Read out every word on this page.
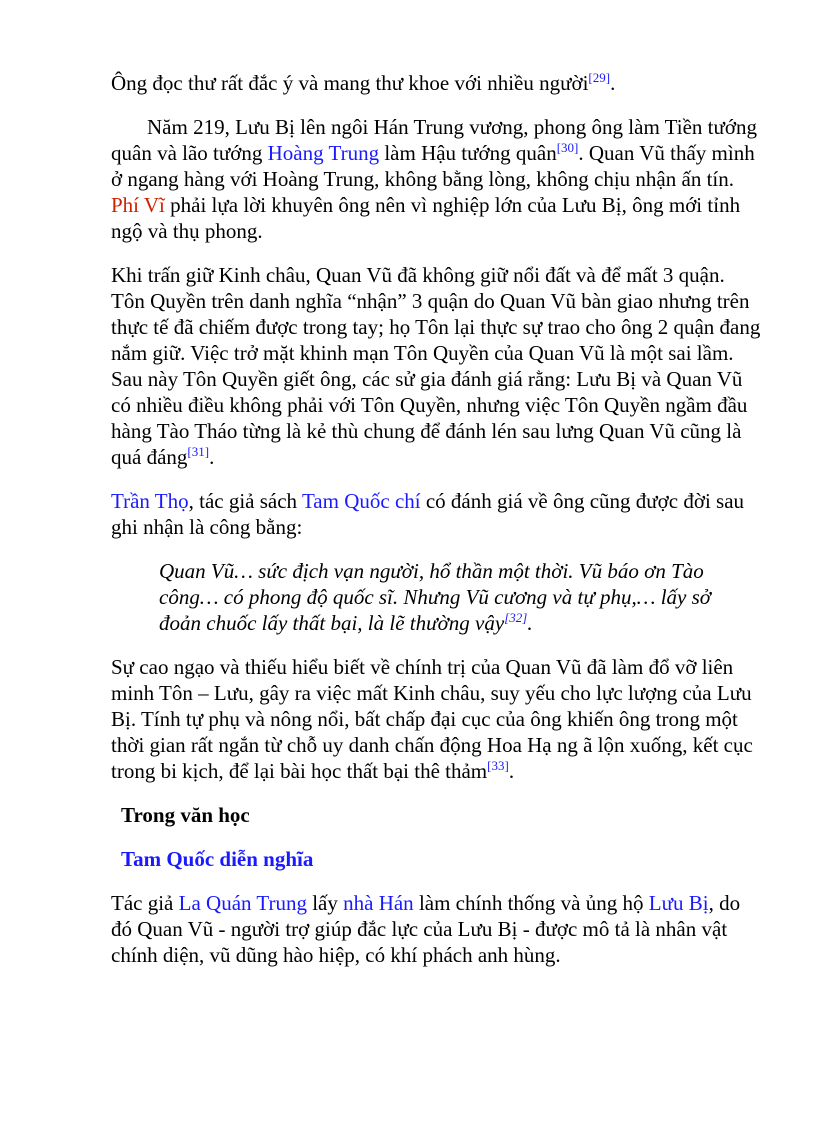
Ông đọc thư rất đắc ý và mang thư khoe với nhiều người[29].

Năm 219, Lưu Bị lên ngôi Hán Trung vương, phong ông làm Tiền tướng quân và lão tướng Hoàng Trung làm Hậu tướng quân[30]. Quan Vũ thấy mình ở ngang hàng với Hoàng Trung, không bằng lòng, không chịu nhận ấn tín. Phí Vĩ phải lựa lời khuyên ông nên vì nghiệp lớn của Lưu Bị, ông mới tỉnh ngộ và thụ phong.

Khi trấn giữ Kinh châu, Quan Vũ đã không giữ nổi đất và để mất 3 quận. Tôn Quyền trên danh nghĩa “nhận” 3 quận do Quan Vũ bàn giao nhưng trên thực tế đã chiếm được trong tay; họ Tôn lại thực sự trao cho ông 2 quận đang nắm giữ. Việc trở mặt khinh mạn Tôn Quyền của Quan Vũ là một sai lầm. Sau này Tôn Quyền giết ông, các sử gia đánh giá rằng: Lưu Bị và Quan Vũ có nhiều điều không phải với Tôn Quyền, nhưng việc Tôn Quyền ngầm đầu hàng Tào Tháo từng là kẻ thù chung để đánh lén sau lưng Quan Vũ cũng là quá đáng[31].

Trần Thọ, tác giả sách Tam Quốc chí có đánh giá về ông cũng được đời sau ghi nhận là công bằng:

Quan Vũ… sức địch vạn người, hổ thần một thời. Vũ báo ơn Tào công… có phong độ quốc sĩ. Nhưng Vũ cương và tự phụ,… lấy sở đoản chuốc lấy thất bại, là lẽ thường vậy[32].

Sự cao ngạo và thiếu hiểu biết về chính trị của Quan Vũ đã làm đổ vỡ liên minh Tôn – Lưu, gây ra việc mất Kinh châu, suy yếu cho lực lượng của Lưu Bị. Tính tự phụ và nông nổi, bất chấp đại cục của ông khiến ông trong một thời gian rất ngắn từ chỗ uy danh chấn động Hoa Hạ ng ã lộn xuống, kết cục trong bi kịch, để lại bài học thất bại thê thảm[33].

Trong văn học
Tam Quốc diễn nghĩa

Tác giả La Quán Trung lấy nhà Hán làm chính thống và ủng hộ Lưu Bị, do đó Quan Vũ - người trợ giúp đắc lực của Lưu Bị - được mô tả là nhân vật chính diện, vũ dũng hào hiệp, có khí phách anh hùng.
